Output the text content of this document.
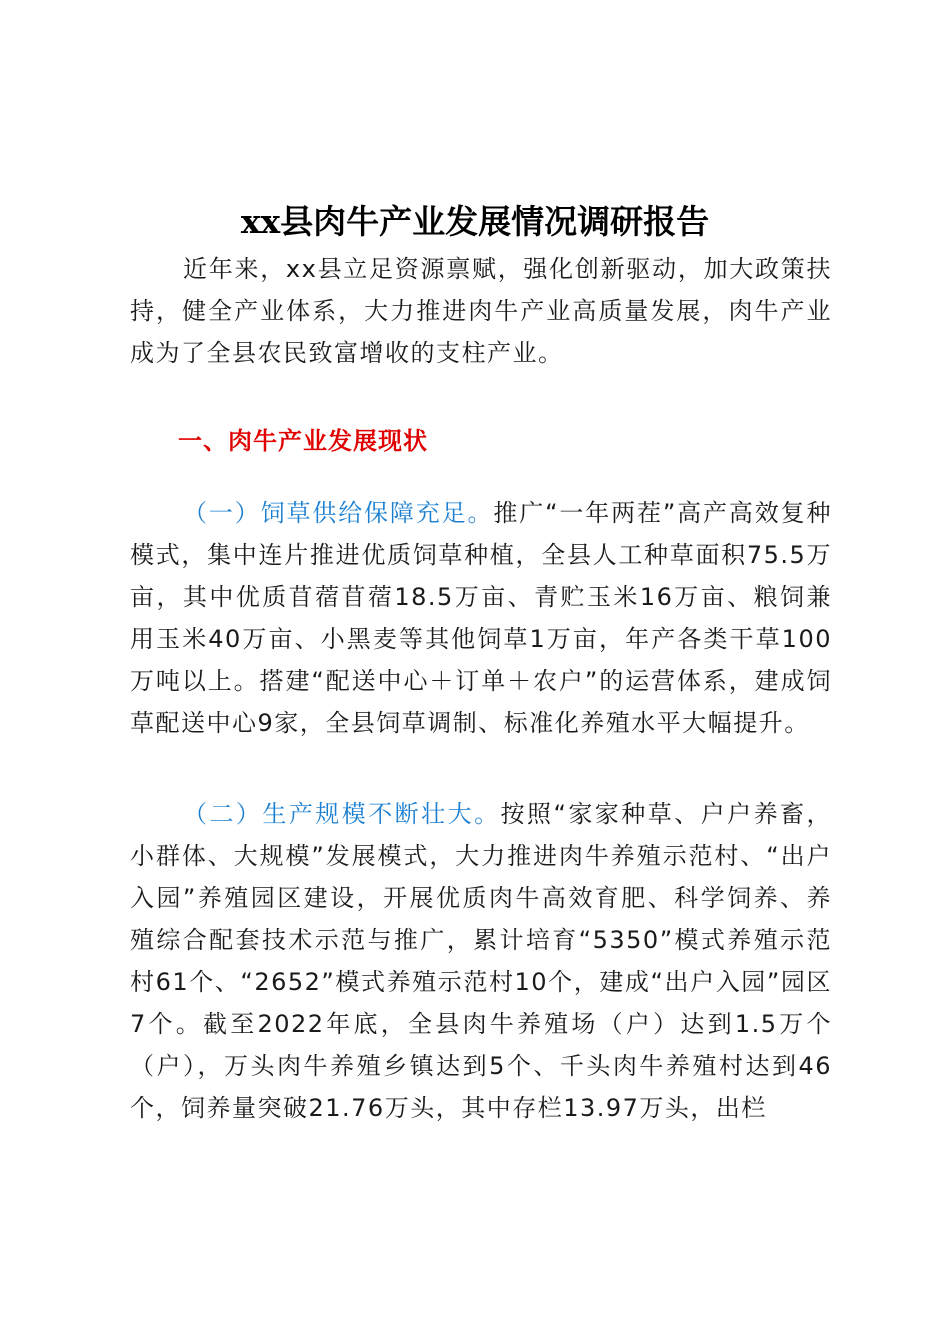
xx县肉牛产业发展情况调研报告

近年来，xx县立足资源禀赋，强化创新驱动，加大政策扶持，健全产业体系，大力推进肉牛产业高质量发展，肉牛产业成为了全县农民致富增收的支柱产业。

一、肉牛产业发展现状

（一）饲草供给保障充足。推广“一年两茬”高产高效复种模式，集中连片推进优质饲草种植，全县人工种草面积75.5万亩，其中优质苜蓿苜蓿18.5万亩、青贮玉米16万亩、粮饲兼用玉米40万亩、小黑麦等其他饲草1万亩，年产各类干草100万吨以上。搭建“配送中心＋订单＋农户”的运营体系，建成饲草配送中心9家，全县饲草调制、标准化养殖水平大幅提升。

（二）生产规模不断壮大。按照“家家种草、户户养畜，小群体、大规模”发展模式，大力推进肉牛养殖示范村、“出户入园”养殖园区建设，开展优质肉牛高效育肥、科学饲养、养殖综合配套技术示范与推广，累计培育“5350”模式养殖示范村61个、“2652”模式养殖示范村10个，建成“出户入园”园区7个。截至2022年底，全县肉牛养殖场（户）达到1.5万个（户），万头肉牛养殖乡镇达到5个、千头肉牛养殖村达到46个，饲养量突破21.76万头，其中存栏13.97万头，出栏
